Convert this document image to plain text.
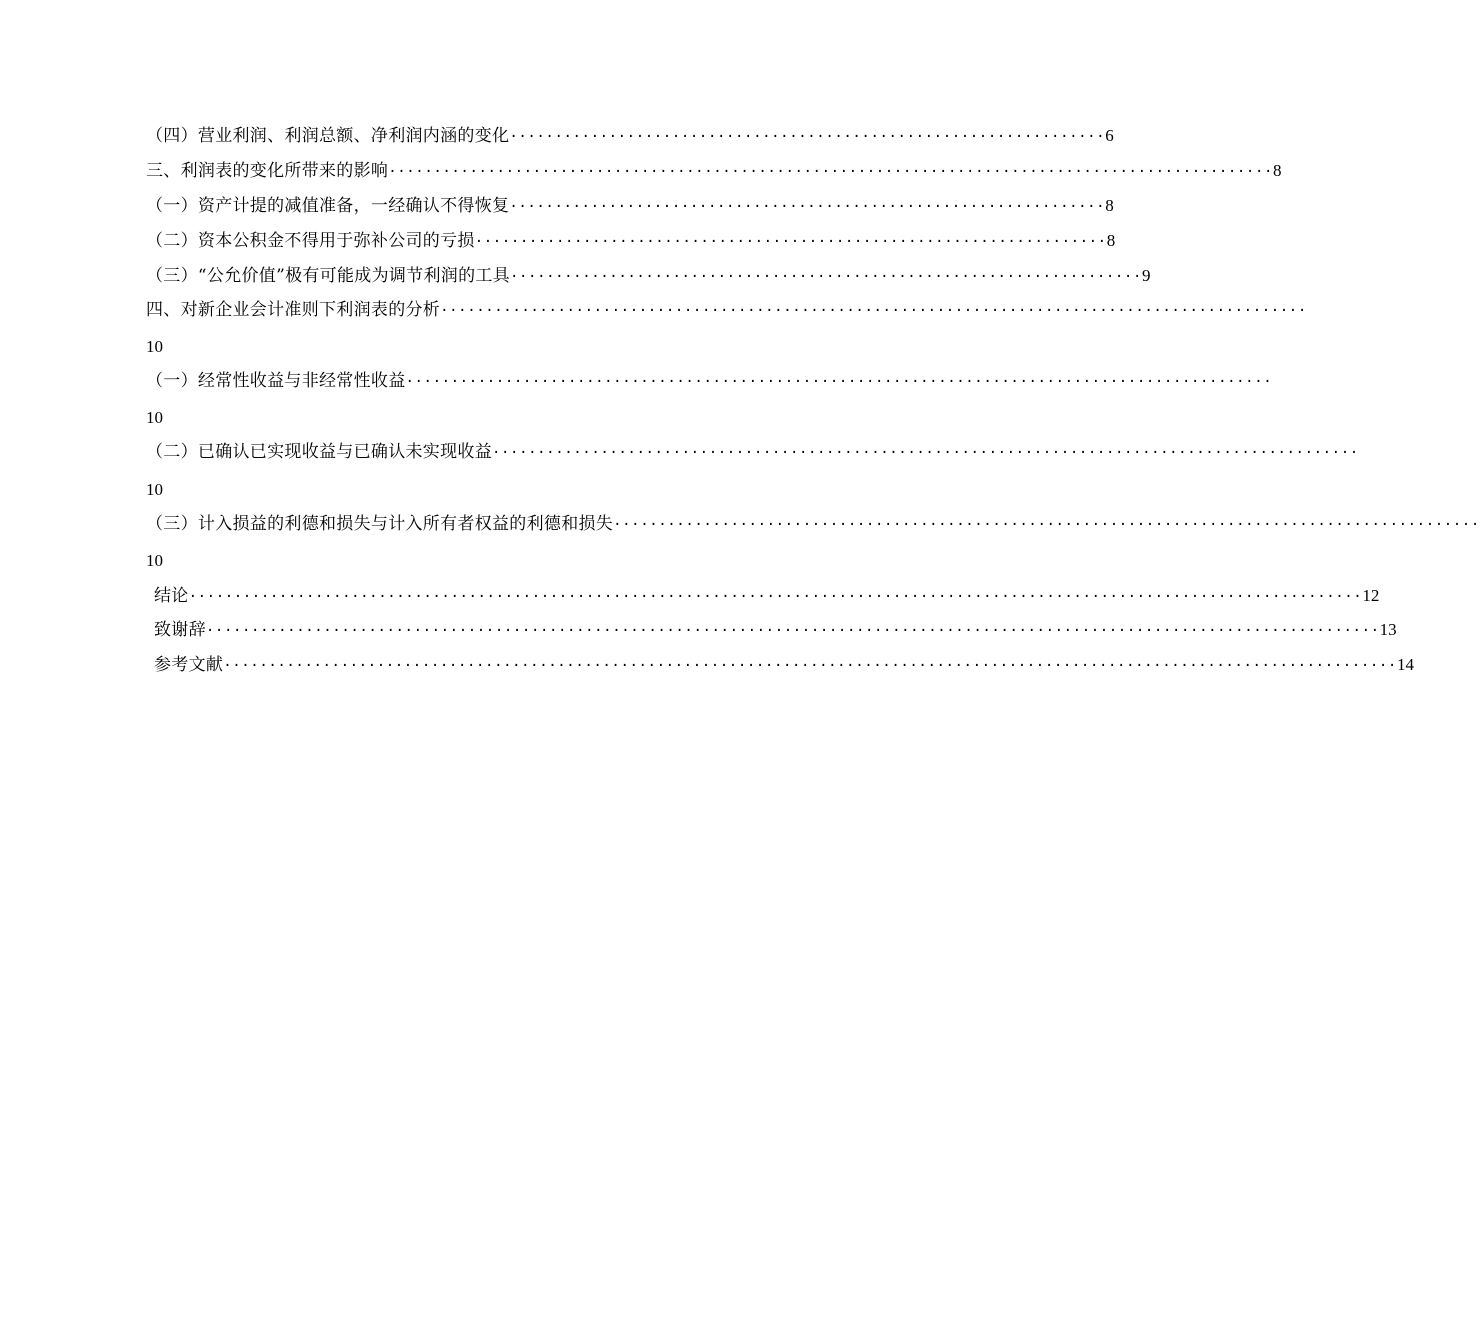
（四）营业利润、利润总额、净利润内涵的变化 ·································································· 6
三、利润表的变化所带来的影响 ·································································································· 8
（一）资产计提的减值准备，一经确认不得恢复 ·································································· 8
（二）资本公积金不得用于弥补公司的亏损 ······································································ 8
（三）“公允价值”极有可能成为调节利润的工具 ······································································ 9
四、对新企业会计准则下利润表的分析 ································································································
10
（一）经常性收益与非经常性收益 ································································································
10
（二）已确认已实现收益与已确认未实现收益 ································································································
10
（三）计入损益的利德和损失与计入所有者权益的利德和损失 ································································································
10
结论 ·································································································································· 12
致谢辞 ·································································································································· 13
参考文献 ·································································································································· 14
